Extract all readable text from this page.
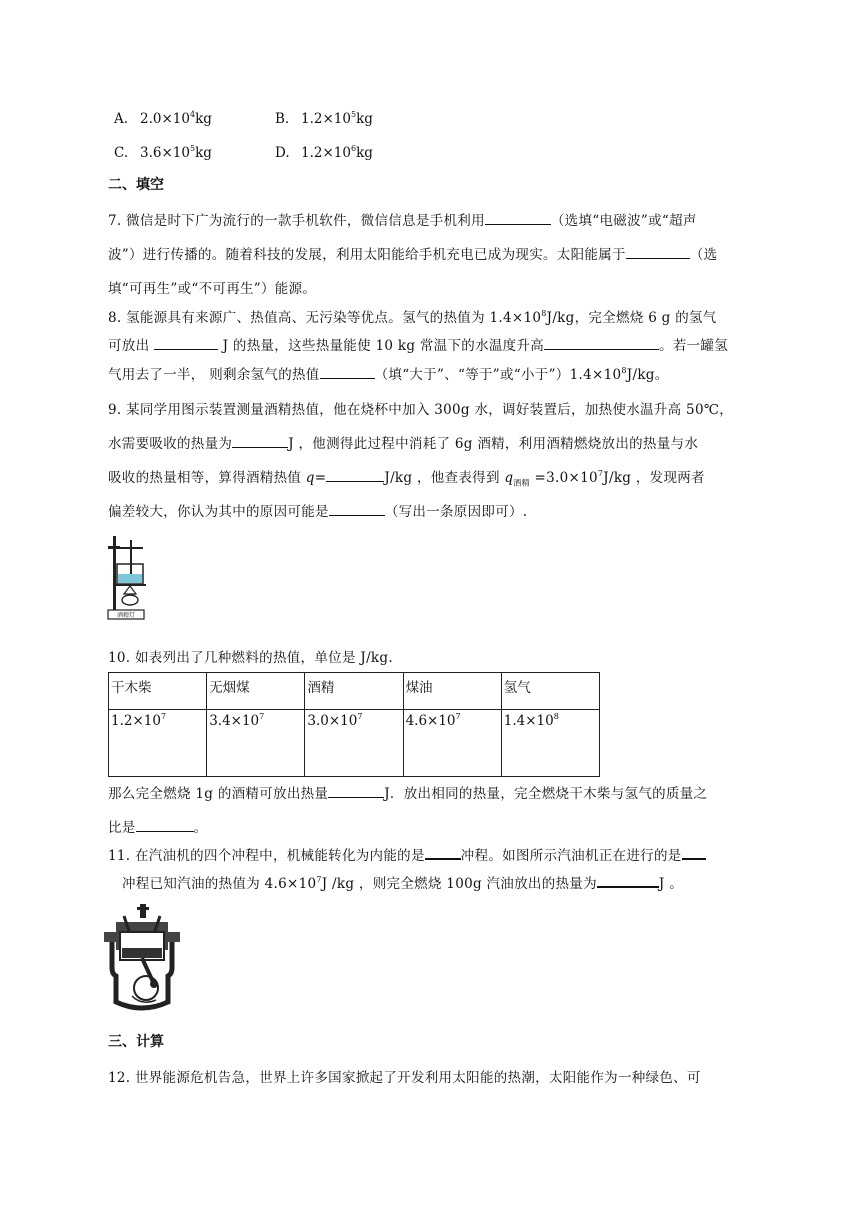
A. $2.0\times 10^4kg$	B. $1.2\times 10^5kg$
C. $3.6\times 10^5kg$	D. $1.2\times 10^6kg$
二、填空
7. 微信是时下广为流行的一款手机软件，微信信息是手机利用	（选填“电磁波”或“超声
波”）进行传播的。随着科技的发展，利用太阳能给手机充电已成为现实。太阳能属于	（选
填“可再生”或“不可再生”）能源。
8. 氢能源具有来源广、热值高、无污染等优点。氢气的热值为 $1.4\times 10^8J/kg$，完全燃烧 6 g 的氢气
可放出	J 的热量，这些热量能使 10 kg 常温下的水温度升高	。若一罐氢
气用去了一半， 则剩余氢气的热值	（填“大于”、“等于”或“小于$”)1.4\times 10^8J/kg$。
9. 某同学用图示装置测量酒精热值，他在烧杯中加入 300g 水，调好装置后，加热使水温升高 50℃，
水需要吸收的热量为	J ，他测得此过程中消耗了 6g 酒精，利用酒精燃烧放出的热量与水
吸收的热量相等，算得酒精热值 q=	J/kg ，他查表得到 $q_{酒精} =3.0\times 10^7J/kg$ ，发现两者
偏差较大，你认为其中的原因可能是	（写出一条原因即可）.
酒精灯
10. 如表列出了几种燃料的热值，单位是 J/kg.
干木柴	无烟煤	酒精	煤油	氢气
$1.2\times 10^7$	$3.4\times 10^7$	$3.0\times 10^7$	$4.6\times 10^7$	$1.4\times 10^8$
那么完全燃烧 1g 的酒精可放出热量	J．放出相同的热量，完全燃烧干木柴与氢气的质量之
比是	。
11. 在汽油机的四个冲程中，机械能转化为内能的是	冲程。如图所示汽油机正在进行的是
冲程已知汽油的热值为 $4.6\times 10^7J$ /kg ，则完全燃烧 100g 汽油放出的热量为	J 。
三、计算
12. 世界能源危机告急，世界上许多国家掀起了开发利用太阳能的热潮，太阳能作为一种绿色、可
